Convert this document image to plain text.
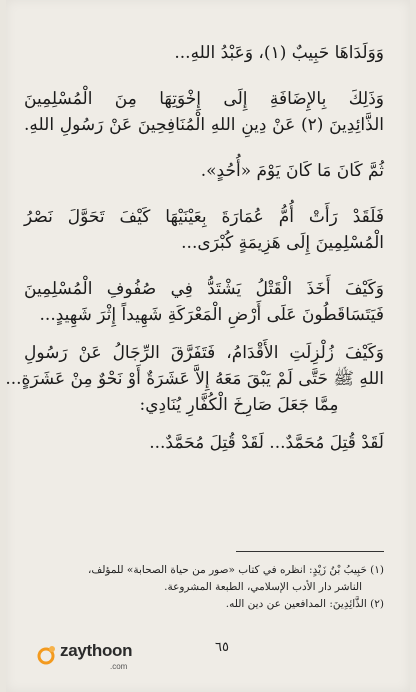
وَوَلَدَاهَا حَبِيبٌ (١)، وَعَبْدُ اللهِ...
وَذَلِكَ بِالإِضَافَةِ إِلَى إِخْوَتِهَا مِنَ الْمُسْلِمِينَ
الذَّائِدِينَ (٢) عَنْ دِينِ اللهِ الْمُنَافِحِينَ عَنْ رَسُولِ اللهِ.
ثُمَّ كَانَ مَا كَانَ يَوْمَ «أُحُدٍ».
فَلَقَدْ رَأَتْ أُمُّ عُمَارَةَ بِعَيْنَيْهَا كَيْفَ تَحَوَّلَ نَصْرُ
الْمُسْلِمِينَ إِلَى هَزِيمَةٍ كُبْرَى...
وَكَيْفَ أَخَذَ الْقَتْلُ يَشْتَدُّ فِي صُفُوفِ الْمُسْلِمِينَ
فَيَتَسَاقَطُونَ عَلَى أَرْضِ الْمَعْرَكَةِ شَهِيداً إِثْرَ شَهِيدٍ...
وَكَيْفَ زُلْزِلَتِ الأَقْدَامُ، فَتَفَرَّقَ الرِّجَالُ عَنْ رَسُولِ
اللهِ ﷺ حَتَّى لَمْ يَبْقَ مَعَهُ إِلاَّ عَشَرَةٌ أَوْ نَحْوٌ مِنْ عَشَرَةٍ...
مِمَّا جَعَلَ صَارِخَ الْكُفَّارِ يُنَادِي:
لَقَدْ قُتِلَ مُحَمَّدٌ... لَقَدْ قُتِلَ مُحَمَّدٌ...
(١) حَبِيبُ بْنُ زَيْدٍ: انظره في كتاب «صور من حياة الصحابة» للمؤلف،
الناشر دار الأدب الإسلامي، الطبعة المشروعة.
(٢) الذَّائِدِينَ: المدافعين عن دين الله.
zaythoon
.com
٦٥
